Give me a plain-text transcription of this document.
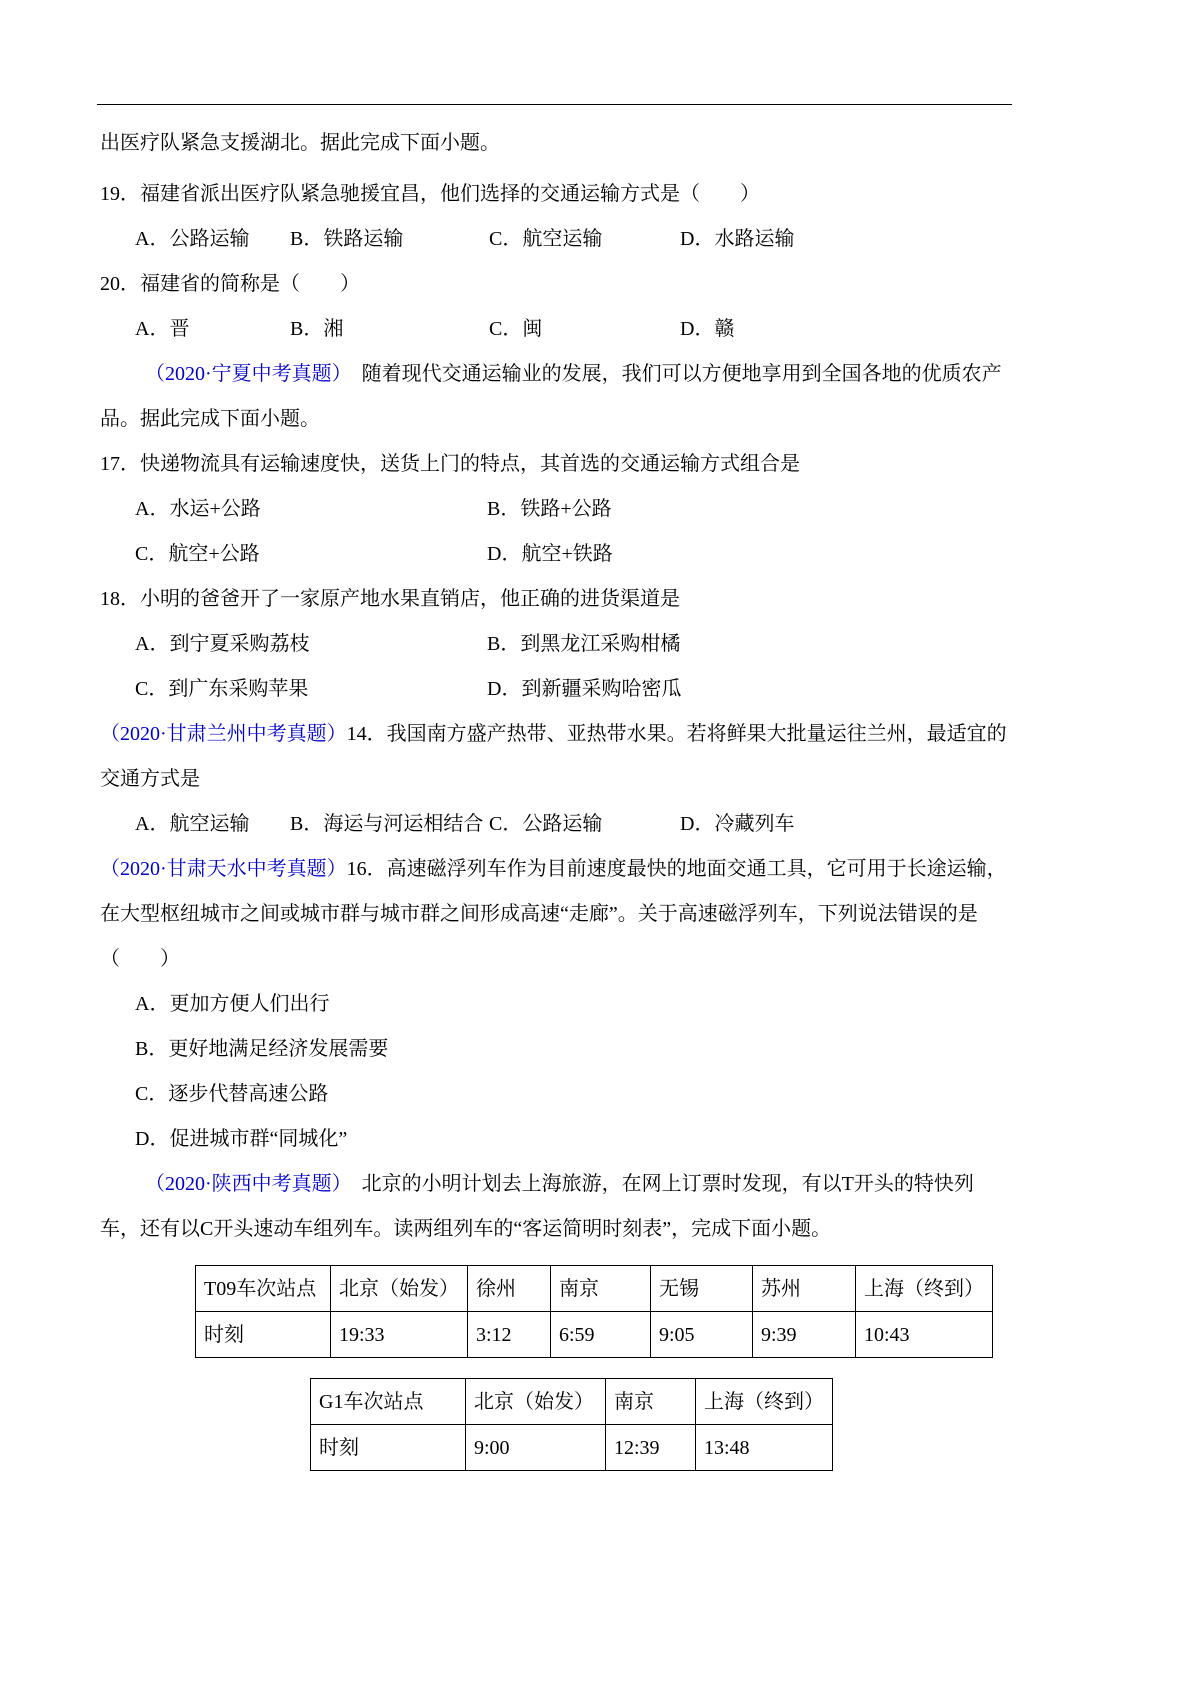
出医疗队紧急支援湖北。据此完成下面小题。

19．福建省派出医疗队紧急驰援宜昌，他们选择的交通运输方式是（　　）

A．公路运输	B．铁路运输	C．航空运输	D．水路运输

20．福建省的简称是（　　）

A．晋	B．湘	C．闽	D．赣

（2020·宁夏中考真题）　随着现代交通运输业的发展，我们可以方便地享用到全国各地的优质农产品。据此完成下面小题。

17．快递物流具有运输速度快，送货上门的特点，其首选的交通运输方式组合是

A．水运+公路	B．铁路+公路
C．航空+公路	D．航空+铁路

18．小明的爸爸开了一家原产地水果直销店，他正确的进货渠道是

A．到宁夏采购荔枝	B．到黑龙江采购柑橘
C．到广东采购苹果	D．到新疆采购哈密瓜

（2020·甘肃兰州中考真题）14．我国南方盛产热带、亚热带水果。若将鲜果大批量运往兰州，最适宜的交通方式是

A．航空运输	B．海运与河运相结合 C．公路运输	D．冷藏列车

（2020·甘肃天水中考真题）16．高速磁浮列车作为目前速度最快的地面交通工具，它可用于长途运输，在大型枢纽城市之间或城市群与城市群之间形成高速“走廊”。关于高速磁浮列车，下列说法错误的是（　　）

A．更加方便人们出行

B．更好地满足经济发展需要

C．逐步代替高速公路

D．促进城市群“同城化”

（2020·陕西中考真题）　北京的小明计划去上海旅游，在网上订票时发现，有以T开头的特快列车，还有以C开头速动车组列车。读两组列车的“客运简明时刻表”，完成下面小题。

T09车次站点	北京（始发）	徐州	南京	无锡	苏州	上海（终到）
时刻	19:33	3:12	6:59	9:05	9:39	10:43
G1车次站点	北京（始发）	南京	上海（终到）
时刻	9:00	12:39	13:48
